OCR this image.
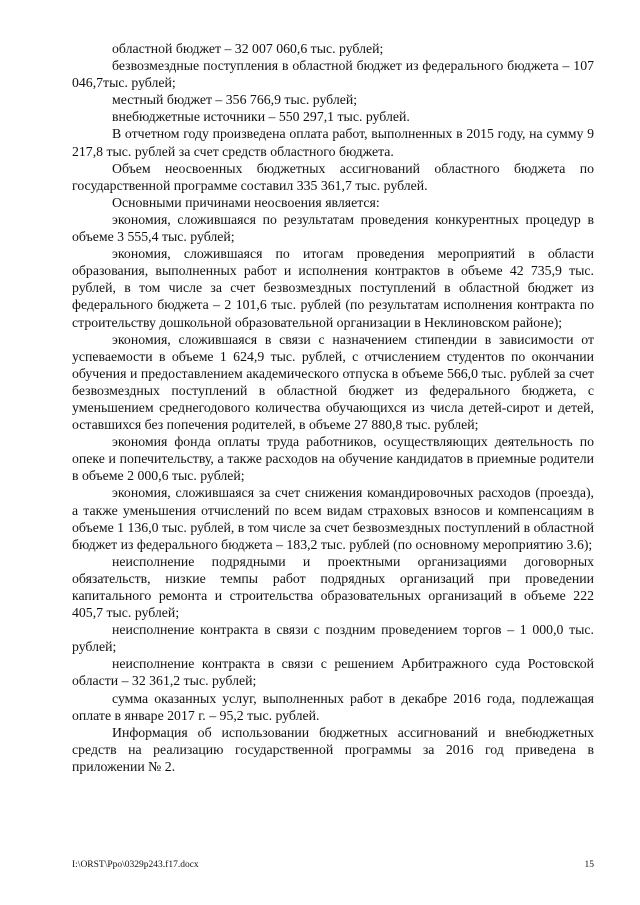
областной бюджет – 32 007 060,6 тыс. рублей;

безвозмездные поступления в областной бюджет из федерального бюджета – 107 046,7тыс. рублей;

местный бюджет – 356 766,9 тыс. рублей;

внебюджетные источники – 550 297,1 тыс. рублей.

В отчетном году произведена оплата работ, выполненных в 2015 году, на сумму 9 217,8 тыс. рублей за счет средств областного бюджета.

Объем неосвоенных бюджетных ассигнований областного бюджета по государственной программе составил 335 361,7 тыс. рублей.

Основными причинами неосвоения является:

экономия, сложившаяся по результатам проведения конкурентных процедур в объеме 3 555,4 тыс. рублей;

экономия, сложившаяся по итогам проведения мероприятий в области образования, выполненных работ и исполнения контрактов в объеме 42 735,9 тыс. рублей, в том числе за счет безвозмездных поступлений в областной бюджет из федерального бюджета – 2 101,6 тыс. рублей (по результатам исполнения контракта по строительству дошкольной образовательной организации в Неклиновском районе);

экономия, сложившаяся в связи с назначением стипендии в зависимости от успеваемости в объеме 1 624,9 тыс. рублей, с отчислением студентов по окончании обучения и предоставлением академического отпуска в объеме 566,0 тыс. рублей за счет безвозмездных поступлений в областной бюджет из федерального бюджета, с уменьшением среднегодового количества обучающихся из числа детей-сирот и детей, оставшихся без попечения родителей, в объеме 27 880,8 тыс. рублей;

экономия фонда оплаты труда работников, осуществляющих деятельность по опеке и попечительству, а также расходов на обучение кандидатов в приемные родители в объеме 2 000,6 тыс. рублей;

экономия, сложившаяся за счет снижения командировочных расходов (проезда), а также уменьшения отчислений по всем видам страховых взносов и компенсациям в объеме 1 136,0 тыс. рублей, в том числе за счет безвозмездных поступлений в областной бюджет из федерального бюджета – 183,2 тыс. рублей (по основному мероприятию 3.6);

неисполнение подрядными и проектными организациями договорных обязательств, низкие темпы работ подрядных организаций при проведении капитального ремонта и строительства образовательных организаций в объеме 222 405,7 тыс. рублей;

неисполнение контракта в связи с поздним проведением торгов – 1 000,0 тыс. рублей;

неисполнение контракта в связи с решением Арбитражного суда Ростовской области – 32 361,2 тыс. рублей;

сумма оказанных услуг, выполненных работ в декабре 2016 года, подлежащая оплате в январе 2017 г. – 95,2 тыс. рублей.

Информация об использовании бюджетных ассигнований и внебюджетных средств на реализацию государственной программы за 2016 год приведена в приложении № 2.

I:\ORST\Ppo\0329p243.f17.docx	15
